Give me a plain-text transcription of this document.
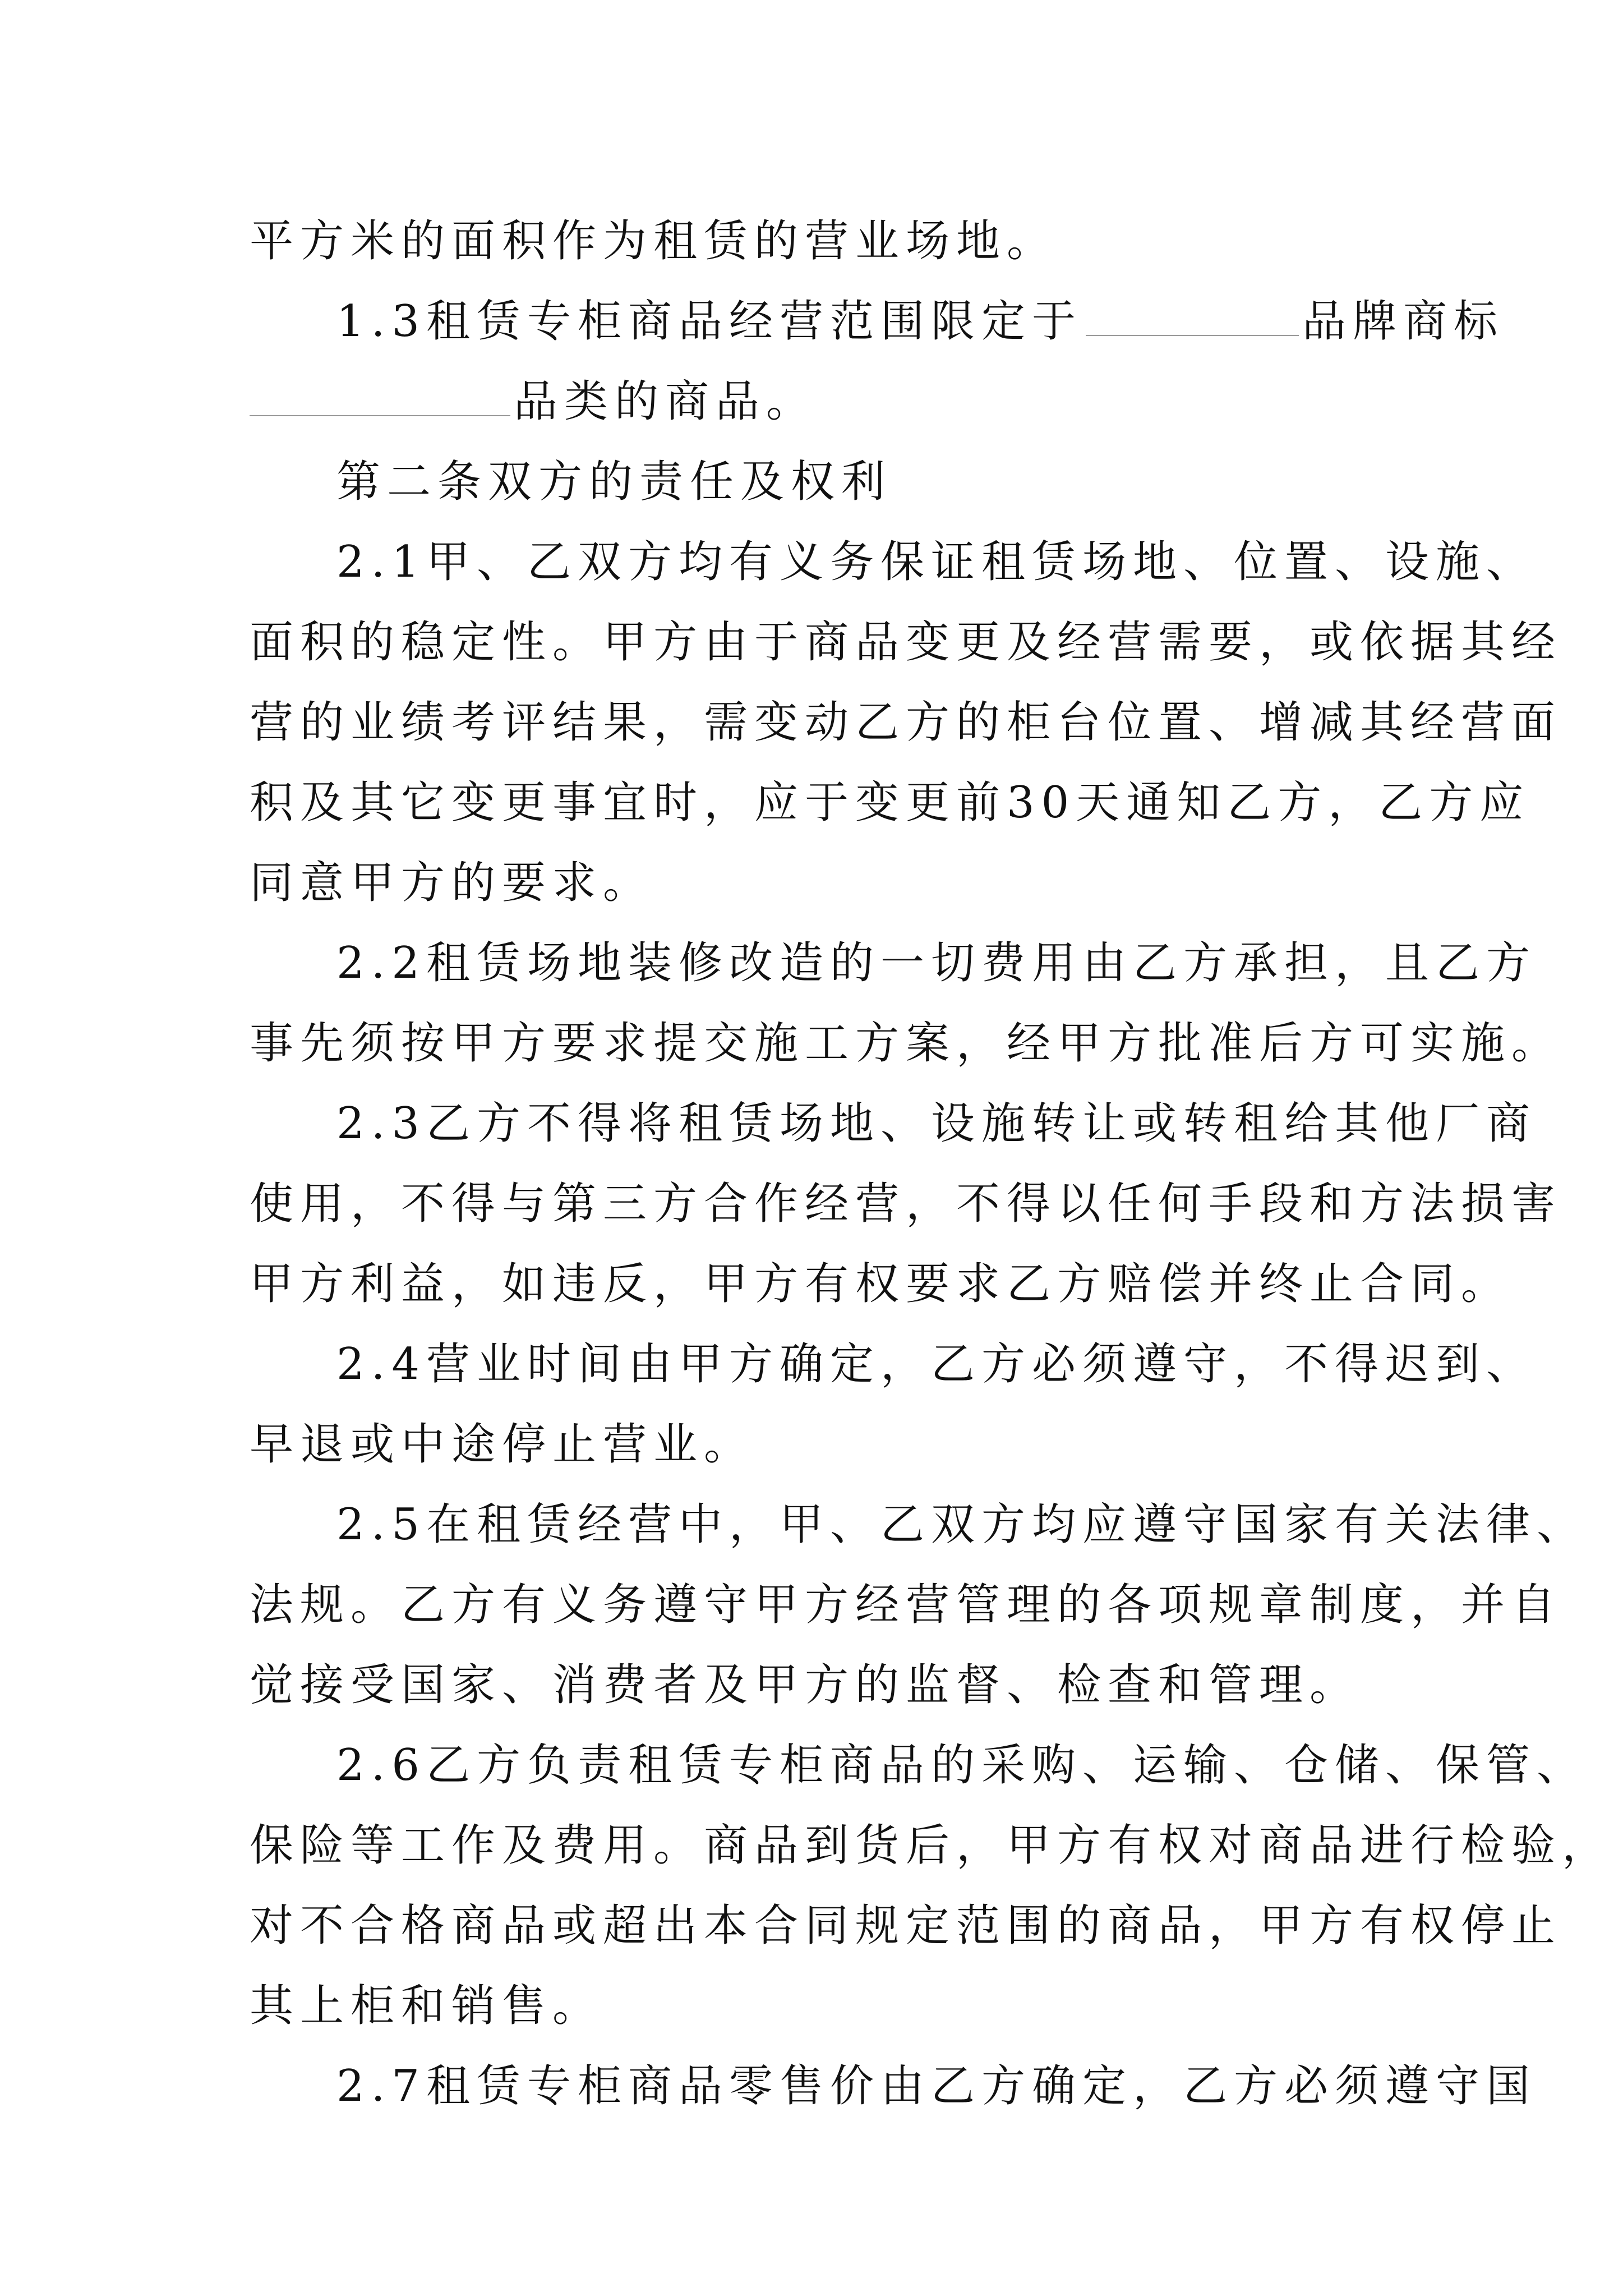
平方米的面积作为租赁的营业场地。
1.3租赁专柜商品经营范围限定于	品牌商标
品类的商品。
第二条双方的责任及权利
2.1甲、乙双方均有义务保证租赁场地、位置、设施、
面积的稳定性。甲方由于商品变更及经营需要，或依据其经
营的业绩考评结果，需变动乙方的柜台位置、增减其经营面
积及其它变更事宜时，应于变更前30天通知乙方，乙方应
同意甲方的要求。
2.2租赁场地装修改造的一切费用由乙方承担，且乙方
事先须按甲方要求提交施工方案，经甲方批准后方可实施。
2.3乙方不得将租赁场地、设施转让或转租给其他厂商
使用，不得与第三方合作经营，不得以任何手段和方法损害
甲方利益，如违反，甲方有权要求乙方赔偿并终止合同。
2.4营业时间由甲方确定，乙方必须遵守，不得迟到、
早退或中途停止营业。
2.5在租赁经营中，甲、乙双方均应遵守国家有关法律、
法规。乙方有义务遵守甲方经营管理的各项规章制度，并自
觉接受国家、消费者及甲方的监督、检查和管理。
2.6乙方负责租赁专柜商品的采购、运输、仓储、保管、
保险等工作及费用。商品到货后，甲方有权对商品进行检验，
对不合格商品或超出本合同规定范围的商品，甲方有权停止
其上柜和销售。
2.7租赁专柜商品零售价由乙方确定，乙方必须遵守国
